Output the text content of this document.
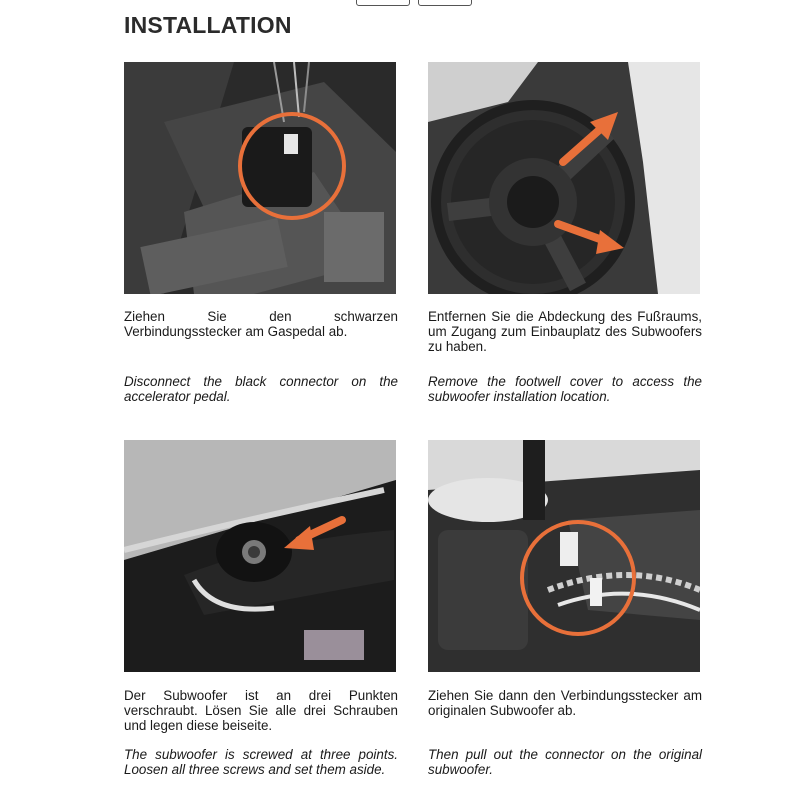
INSTALLATION

Ziehen Sie den schwarzen Verbindungsstecker am Gaspedal ab.

Disconnect the black connector on the accelerator pedal.

Entfernen Sie die Abdeckung des Fußraums, um Zugang zum Einbauplatz des Subwoofers zu haben.

Remove the footwell cover to access the subwoofer installation location.

Der Subwoofer ist an drei Punkten verschraubt. Lösen Sie alle drei Schrauben und legen diese beiseite.

The subwoofer is screwed at three points. Loosen all three screws and set them aside.

Ziehen Sie dann den Verbindungsstecker am originalen Subwoofer ab.

Then pull out the connector on the original subwoofer.
